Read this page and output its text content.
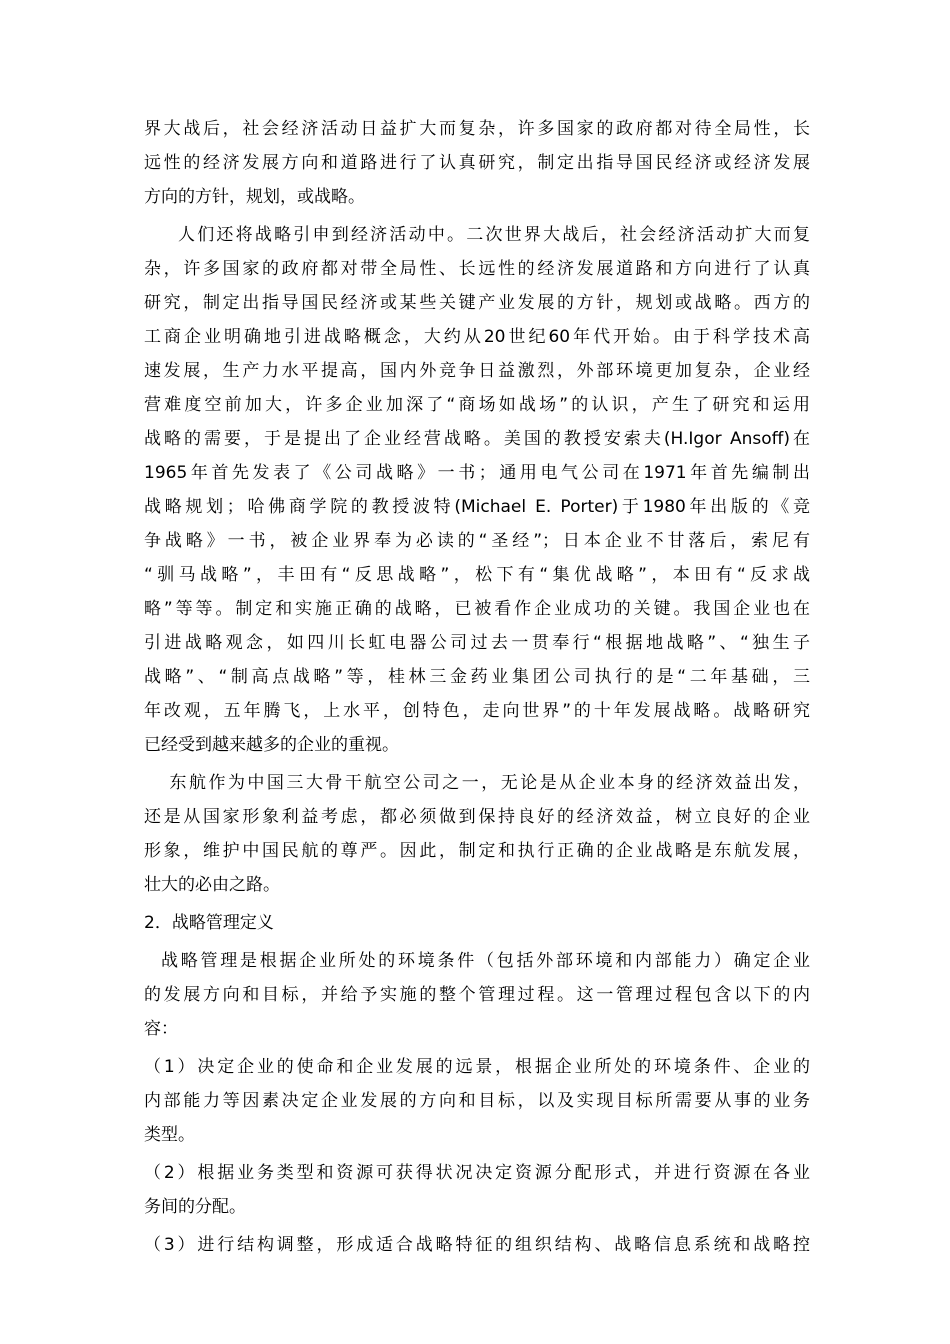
界大战后，社会经济活动日益扩大而复杂，许多国家的政府都对待全局性，长
远性的经济发展方向和道路进行了认真研究，制定出指导国民经济或经济发展
方向的方针，规划，或战略。
人们还将战略引申到经济活动中。二次世界大战后，社会经济活动扩大而复
杂，许多国家的政府都对带全局性、长远性的经济发展道路和方向进行了认真
研究，制定出指导国民经济或某些关键产业发展的方针，规划或战略。西方的
工商企业明确地引进战略概念，大约从20世纪60年代开始。由于科学技术高
速发展，生产力水平提高，国内外竞争日益激烈，外部环境更加复杂，企业经
营难度空前加大，许多企业加深了“商场如战场”的认识，产生了研究和运用
战略的需要，于是提出了企业经营战略。美国的教授安索夫(H.Igor Ansoff)在
1965年首先发表了《公司战略》一书；通用电气公司在1971年首先编制出
战略规划；哈佛商学院的教授波特(Michael E. Porter)于1980年出版的《竞
争战略》一书，被企业界奉为必读的“圣经”；日本企业不甘落后，索尼有
“驯马战略”，丰田有“反思战略”，松下有“集优战略”，本田有“反求战
略”等等。制定和实施正确的战略，已被看作企业成功的关键。我国企业也在
引进战略观念，如四川长虹电器公司过去一贯奉行“根据地战略”、“独生子
战略”、“制高点战略”等，桂林三金药业集团公司执行的是“二年基础，三
年改观，五年腾飞，上水平，创特色，走向世界”的十年发展战略。战略研究
已经受到越来越多的企业的重视。
东航作为中国三大骨干航空公司之一，无论是从企业本身的经济效益出发，
还是从国家形象利益考虑，都必须做到保持良好的经济效益，树立良好的企业
形象，维护中国民航的尊严。因此，制定和执行正确的企业战略是东航发展，
壮大的必由之路。
2．战略管理定义
战略管理是根据企业所处的环境条件（包括外部环境和内部能力）确定企业
的发展方向和目标，并给予实施的整个管理过程。这一管理过程包含以下的内
容：
（1）决定企业的使命和企业发展的远景，根据企业所处的环境条件、企业的
内部能力等因素决定企业发展的方向和目标，以及实现目标所需要从事的业务
类型。
（2）根据业务类型和资源可获得状况决定资源分配形式，并进行资源在各业
务间的分配。
（3）进行结构调整，形成适合战略特征的组织结构、战略信息系统和战略控
